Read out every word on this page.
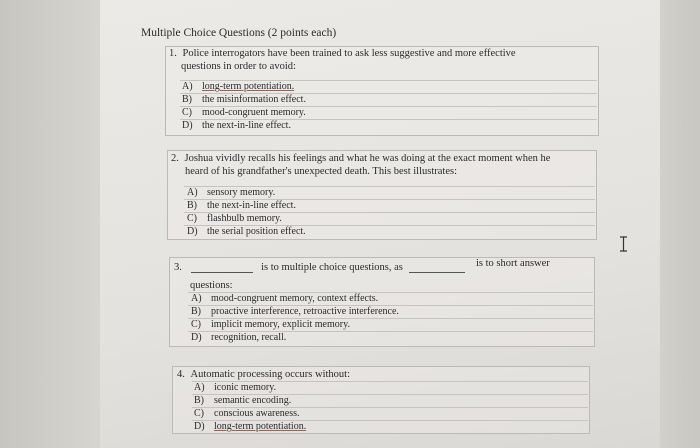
Multiple Choice Questions (2 points each)
1. Police interrogators have been trained to ask less suggestive and more effective
questions in order to avoid:
A) long-term potentiation.
B) the misinformation effect.
C) mood-congruent memory.
D) the next-in-line effect.
2. Joshua vividly recalls his feelings and what he was doing at the exact moment when he
heard of his grandfather's unexpected death. This best illustrates:
A) sensory memory.
B) the next-in-line effect.
C) flashbulb memory.
D) the serial position effect.
3.	is to multiple choice questions, as	is to short answer
questions:
A) mood-congruent memory, context effects.
B) proactive interference, retroactive interference.
C) implicit memory, explicit memory.
D) recognition, recall.
4. Automatic processing occurs without:
A) iconic memory.
B) semantic encoding.
C) conscious awareness.
D) long-term potentiation.
